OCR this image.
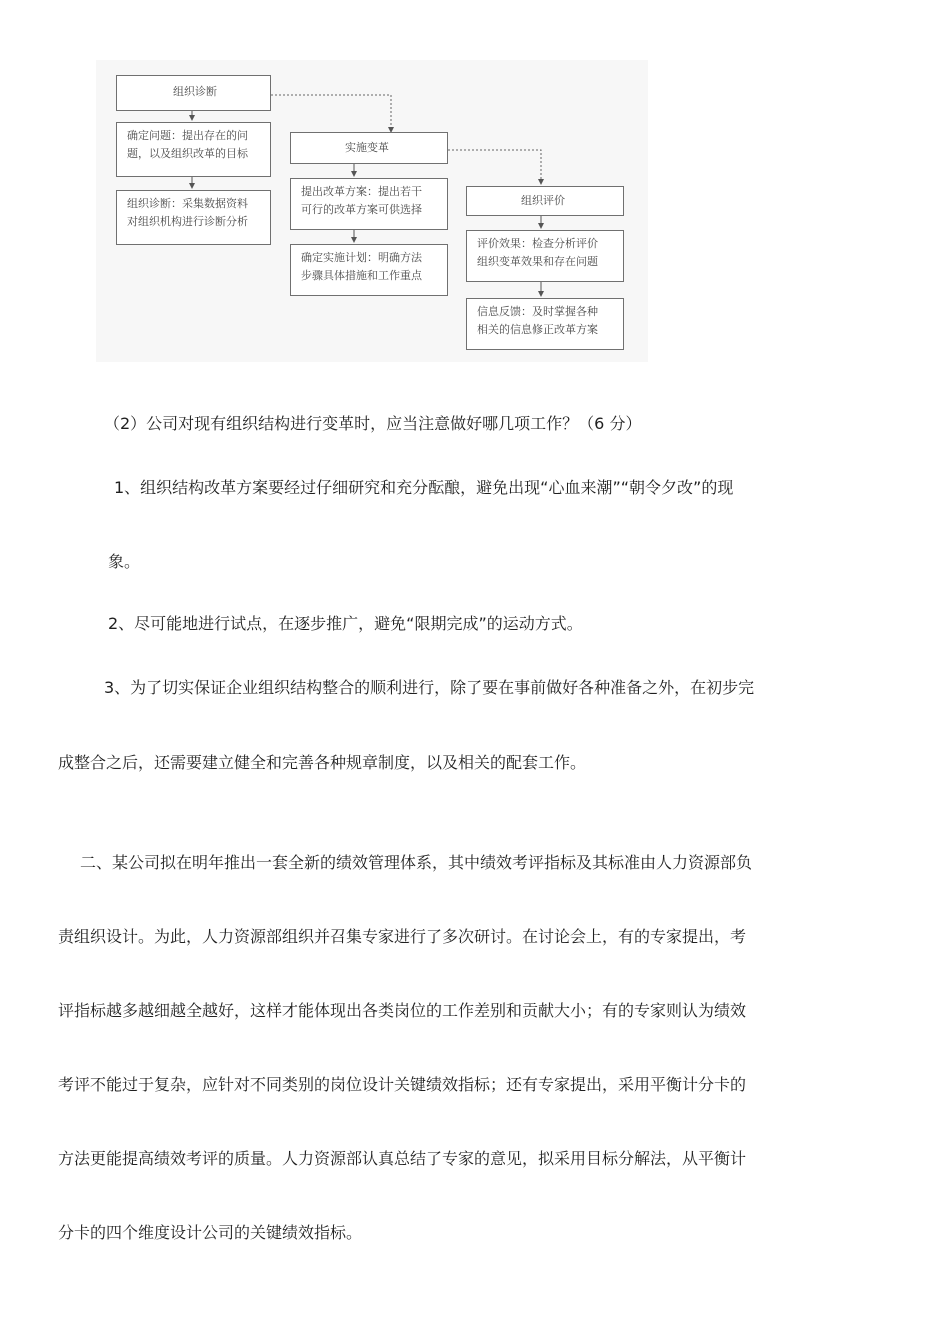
组织诊断
确定问题：提出存在的问
题，以及组织改革的目标
组织诊断：采集数据资料
对组织机构进行诊断分析
实施变革
提出改革方案：提出若干
可行的改革方案可供选择
确定实施计划：明确方法
步骤具体措施和工作重点
组织评价
评价效果：检查分析评价
组织变革效果和存在问题
信息反馈：及时掌握各种
相关的信息修正改革方案
（2）公司对现有组织结构进行变革时，应当注意做好哪几项工作？（6 分）
1、组织结构改革方案要经过仔细研究和充分酝酿，避免出现“心血来潮”“朝令夕改”的现
象。
2、尽可能地进行试点，在逐步推广，避免“限期完成”的运动方式。
3、为了切实保证企业组织结构整合的顺利进行，除了要在事前做好各种准备之外，在初步完
成整合之后，还需要建立健全和完善各种规章制度，以及相关的配套工作。
二、某公司拟在明年推出一套全新的绩效管理体系，其中绩效考评指标及其标准由人力资源部负
责组织设计。为此，人力资源部组织并召集专家进行了多次研讨。在讨论会上，有的专家提出，考
评指标越多越细越全越好，这样才能体现出各类岗位的工作差别和贡献大小；有的专家则认为绩效
考评不能过于复杂，应针对不同类别的岗位设计关键绩效指标；还有专家提出，采用平衡计分卡的
方法更能提高绩效考评的质量。人力资源部认真总结了专家的意见，拟采用目标分解法，从平衡计
分卡的四个维度设计公司的关键绩效指标。
